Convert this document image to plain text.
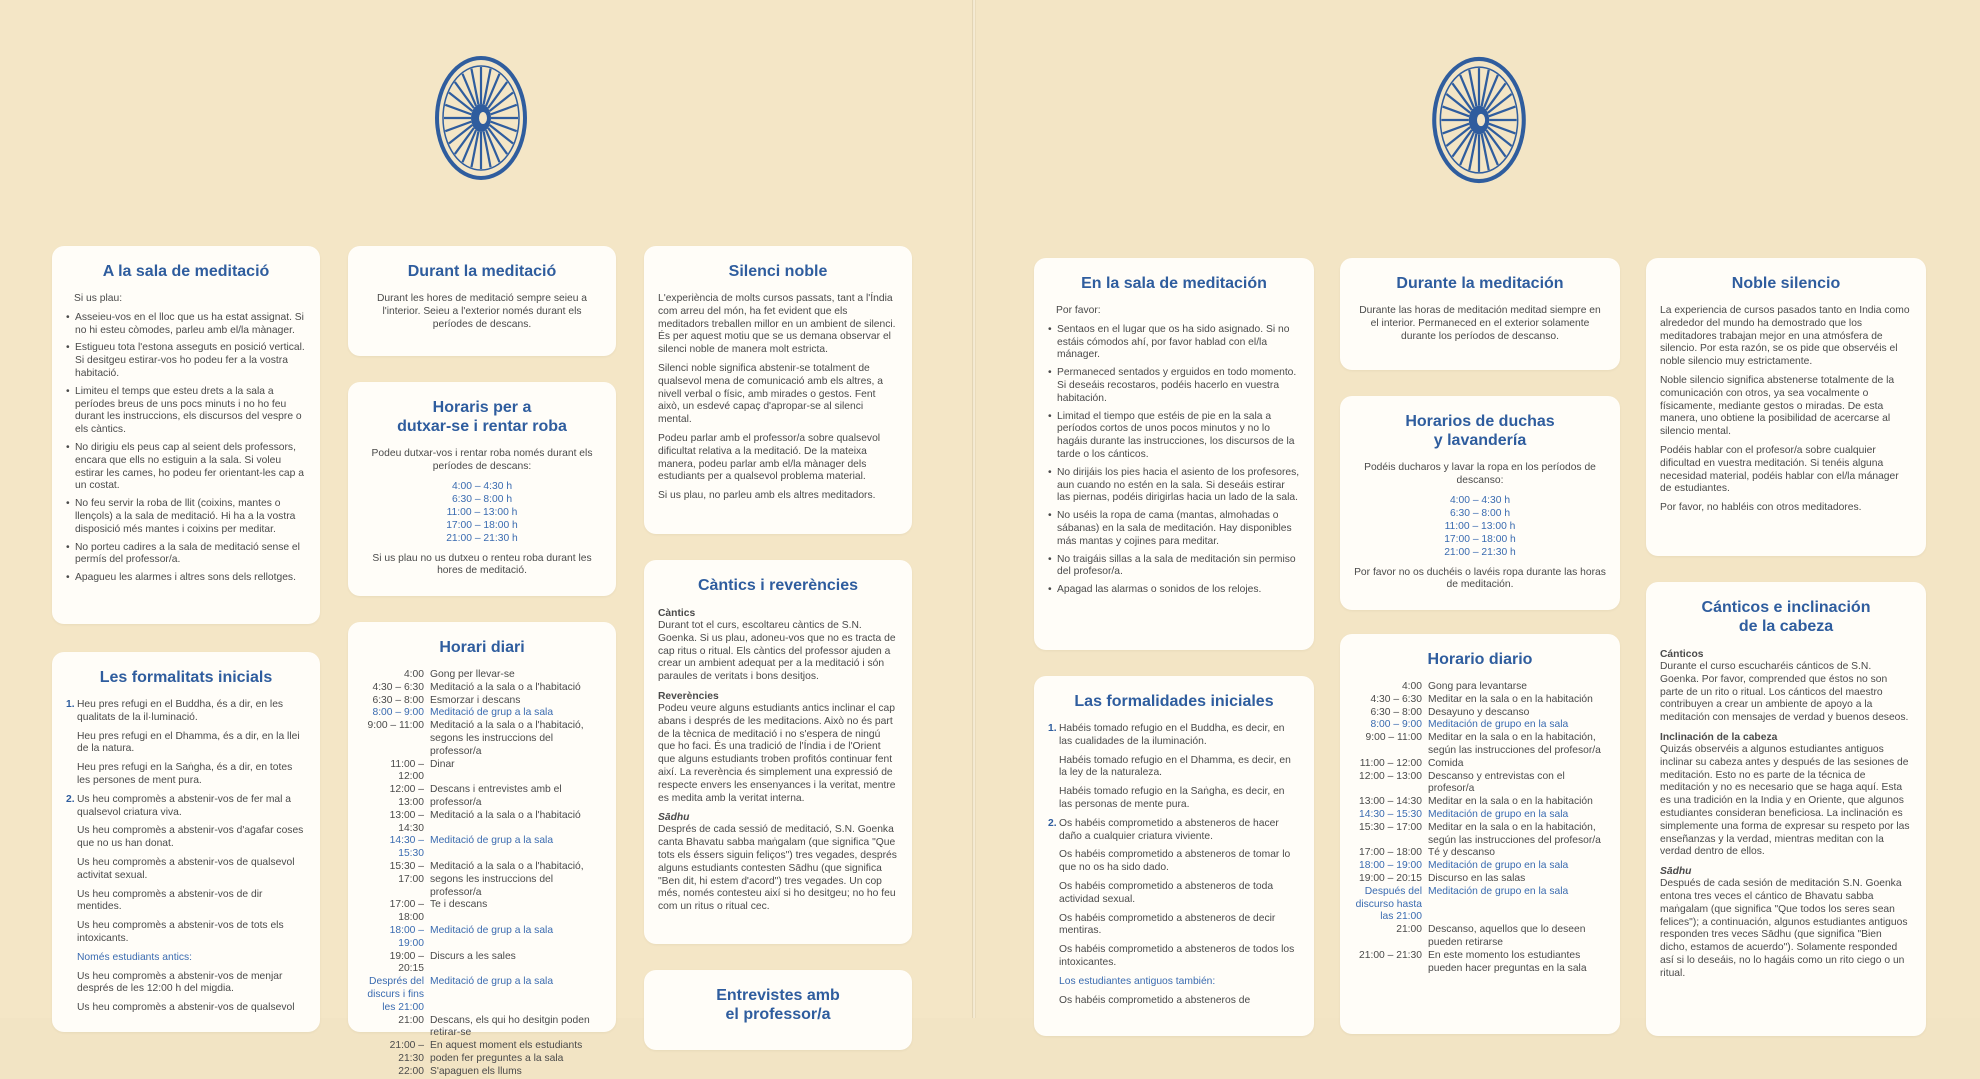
A la sala de meditació

Si us plau:

• Asseieu-vos en el lloc que us ha estat assignat. Si no hi esteu còmodes, parleu amb el/la mànager.
• Estigueu tota l'estona asseguts en posició vertical. Si desitgeu estirar-vos ho podeu fer a la vostra habitació.
• Limiteu el temps que esteu drets a la sala a períodes breus de uns pocs minuts i no ho feu durant les instruccions, els discursos del vespre o els càntics.
• No dirigiu els peus cap al seient dels professors, encara que ells no estiguin a la sala. Si voleu estirar les cames, ho podeu fer orientant-les cap a un costat.
• No feu servir la roba de llit (coixins, mantes o llençols) a la sala de meditació. Hi ha a la vostra disposició més mantes i coixins per meditar.
• No porteu cadires a la sala de meditació sense el permís del professor/a.
• Apagueu les alarmes i altres sons dels rellotges.
Les formalitats inicials
1. Heu pres refugi en el Buddha, és a dir, en les qualitats de la il·luminació.
Heu pres refugi en el Dhamma, és a dir, en la llei de la natura.
Heu pres refugi en la Saṅgha, és a dir, en totes les persones de ment pura.
2. Us heu compromès a abstenir-vos de fer mal a qualsevol criatura viva.
Us heu compromès a abstenir-vos d'agafar coses que no us han donat.
Us heu compromès a abstenir-vos de qualsevol activitat sexual.
Us heu compromès a abstenir-vos de dir mentides.
Us heu compromès a abstenir-vos de tots els intoxicants.
Només estudiants antics:
Us heu compromès a abstenir-vos de menjar després de les 12:00 h del migdia.
Us heu compromès a abstenir-vos de qualsevol
Durant la meditació

Durant les hores de meditació sempre seieu a l'interior. Seieu a l'exterior només durant els períodes de descans.

Horaris per a
dutxar-se i rentar roba

Podeu dutxar-vos i rentar roba només durant els períodes de descans:

4:00 – 4:30 h
6:30 – 8:00 h
11:00 – 13:00 h
17:00 – 18:00 h
21:00 – 21:30 h

Si us plau no us dutxeu o renteu roba durant les hores de meditació.

Horari diari
4:00 Gong per llevar-se
4:30 – 6:30 Meditació a la sala o a l'habitació
6:30 – 8:00 Esmorzar i descans
8:00 – 9:00 Meditació de grup a la sala
9:00 – 11:00 Meditació a la sala o a l'habitació, segons les instruccions del professor/a
11:00 – 12:00
Dinar
12:00 – 13:00
Descans i entrevistes amb el professor/a
13:00 – 14:30
Meditació a la sala o a l'habitació
14:30 – 15:30
Meditació de grup a la sala
15:30 – 17:00
Meditació a la sala o a l'habitació, segons les instruccions del professor/a
17:00 – 18:00
Te i descans
18:00 – 19:00
Meditació de grup a la sala
19:00 – 20:15
Discurs a les sales
Després del discurs i fins les 21:00
Meditació de grup a la sala
21:00 Descans, els qui ho desitgin poden retirar-se
21:00 – 21:30
En aquest moment els estudiants poden fer preguntes a la sala
22:00 S'apaguen els llums
Silenci noble

L'experiència de molts cursos passats, tant a l'Índia com arreu del món, ha fet evident que els meditadors treballen millor en un ambient de silenci. És per aquest motiu que se us demana observar el silenci noble de manera molt estricta.

Silenci noble significa abstenir-se totalment de qualsevol mena de comunicació amb els altres, a nivell verbal o físic, amb mirades o gestos. Fent això, un esdevé capaç d'apropar-se al silenci mental.

Podeu parlar amb el professor/a sobre qualsevol dificultat relativa a la meditació. De la mateixa manera, podeu parlar amb el/la mànager dels estudiants per a qualsevol problema material.

Si us plau, no parleu amb els altres meditadors.

Càntics i reverències
Càntics

Durant tot el curs, escoltareu càntics de S.N. Goenka. Si us plau, adoneu-vos que no es tracta de cap ritus o ritual. Els càntics del professor ajuden a crear un ambient adequat per a la meditació i són paraules de veritats i bons desitjos.

Reverències

Podeu veure alguns estudiants antics inclinar el cap abans i després de les meditacions. Això no és part de la tècnica de meditació i no s'espera de ningú que ho faci. És una tradició de l'Índia i de l'Orient que alguns estudiants troben profitós continuar fent així. La reverència és simplement una expressió de respecte envers les ensenyances i la veritat, mentre es medita amb la veritat interna.

Sādhu

Després de cada sessió de meditació, S.N. Goenka canta Bhavatu sabba maṅgalam (que significa "Que tots els éssers siguin feliços") tres vegades, després alguns estudiants contesten Sādhu (que significa "Ben dit, hi estem d'acord") tres vegades. Un cop més, només contesteu així si ho desitgeu; no ho feu com un ritus o ritual cec.

Entrevistes amb
el professor/a
En la sala de meditación

Por favor:

• Sentaos en el lugar que os ha sido asignado. Si no estáis cómodos ahí, por favor hablad con el/la mánager.
• Permaneced sentados y erguidos en todo momento. Si deseáis recostaros, podéis hacerlo en vuestra habitación.
• Limitad el tiempo que estéis de pie en la sala a períodos cortos de unos pocos minutos y no lo hagáis durante las instrucciones, los discursos de la tarde o los cánticos.
• No dirijáis los pies hacia el asiento de los profesores, aun cuando no estén en la sala. Si deseáis estirar las piernas, podéis dirigirlas hacia un lado de la sala.
• No uséis la ropa de cama (mantas, almohadas o sábanas) en la sala de meditación. Hay disponibles más mantas y cojines para meditar.
• No traigáis sillas a la sala de meditación sin permiso del profesor/a.
• Apagad las alarmas o sonidos de los relojes.
Las formalidades iniciales
1. Habéis tomado refugio en el Buddha, es decir, en las cualidades de la iluminación.
Habéis tomado refugio en el Dhamma, es decir, en la ley de la naturaleza.
Habéis tomado refugio en la Saṅgha, es decir, en las personas de mente pura.
2. Os habéis comprometido a absteneros de hacer daño a cualquier criatura viviente.
Os habéis comprometido a absteneros de tomar lo que no os ha sido dado.
Os habéis comprometido a absteneros de toda actividad sexual.
Os habéis comprometido a absteneros de decir mentiras.
Os habéis comprometido a absteneros de todos los intoxicantes.
Los estudiantes antiguos también:
Os habéis comprometido a absteneros de
Durante la meditación

Durante las horas de meditación meditad siempre en el interior. Permaneced en el exterior solamente durante los períodos de descanso.

Horarios de duchas
y lavandería

Podéis ducharos y lavar la ropa en los períodos de descanso:

4:00 – 4:30 h
6:30 – 8:00 h
11:00 – 13:00 h
17:00 – 18:00 h
21:00 – 21:30 h

Por favor no os duchéis o lavéis ropa durante las horas de meditación.

Horario diario
4:00 Gong para levantarse
4:30 – 6:30 Meditar en la sala o en la habitación
6:30 – 8:00 Desayuno y descanso
8:00 – 9:00 Meditación de grupo en la sala
9:00 – 11:00 Meditar en la sala o en la habitación, según las instrucciones del profesor/a
11:00 – 12:00 Comida
12:00 – 13:00 Descanso y entrevistas con el profesor/a
13:00 – 14:30 Meditar en la sala o en la habitación
14:30 – 15:30 Meditación de grupo en la sala
15:30 – 17:00 Meditar en la sala o en la habitación, según las instrucciones del profesor/a
17:00 – 18:00 Té y descanso
18:00 – 19:00 Meditación de grupo en la sala
19:00 – 20:15 Discurso en las salas
Después del discurso hasta las 21:00
Meditación de grupo en la sala
21:00 Descanso, aquellos que lo deseen pueden retirarse
21:00 – 21:30 En este momento los estudiantes pueden hacer preguntas en la sala
Noble silencio

La experiencia de cursos pasados tanto en India como alrededor del mundo ha demostrado que los meditadores trabajan mejor en una atmósfera de silencio. Por esta razón, se os pide que observéis el noble silencio muy estrictamente.

Noble silencio significa abstenerse totalmente de la comunicación con otros, ya sea vocalmente o físicamente, mediante gestos o miradas. De esta manera, uno obtiene la posibilidad de acercarse al silencio mental.

Podéis hablar con el profesor/a sobre cualquier dificultad en vuestra meditación. Si tenéis alguna necesidad material, podéis hablar con el/la mánager de estudiantes.

Por favor, no habléis con otros meditadores.

Cánticos e inclinación
de la cabeza
Cánticos

Durante el curso escucharéis cánticos de S.N. Goenka. Por favor, comprended que éstos no son parte de un rito o ritual. Los cánticos del maestro contribuyen a crear un ambiente de apoyo a la meditación con mensajes de verdad y buenos deseos.

Inclinación de la cabeza

Quizás observéis a algunos estudiantes antiguos inclinar su cabeza antes y después de las sesiones de meditación. Esto no es parte de la técnica de meditación y no es necesario que se haga aquí. Esta es una tradición en la India y en Oriente, que algunos estudiantes consideran beneficiosa. La inclinación es simplemente una forma de expresar su respeto por las enseñanzas y la verdad, mientras meditan con la verdad dentro de ellos.

Sādhu

Después de cada sesión de meditación S.N. Goenka entona tres veces el cántico de Bhavatu sabba maṅgalam (que significa "Que todos los seres sean felices"); a continuación, algunos estudiantes antiguos responden tres veces Sādhu (que significa "Bien dicho, estamos de acuerdo"). Solamente responded así si lo deseáis, no lo hagáis como un rito ciego o un ritual.
